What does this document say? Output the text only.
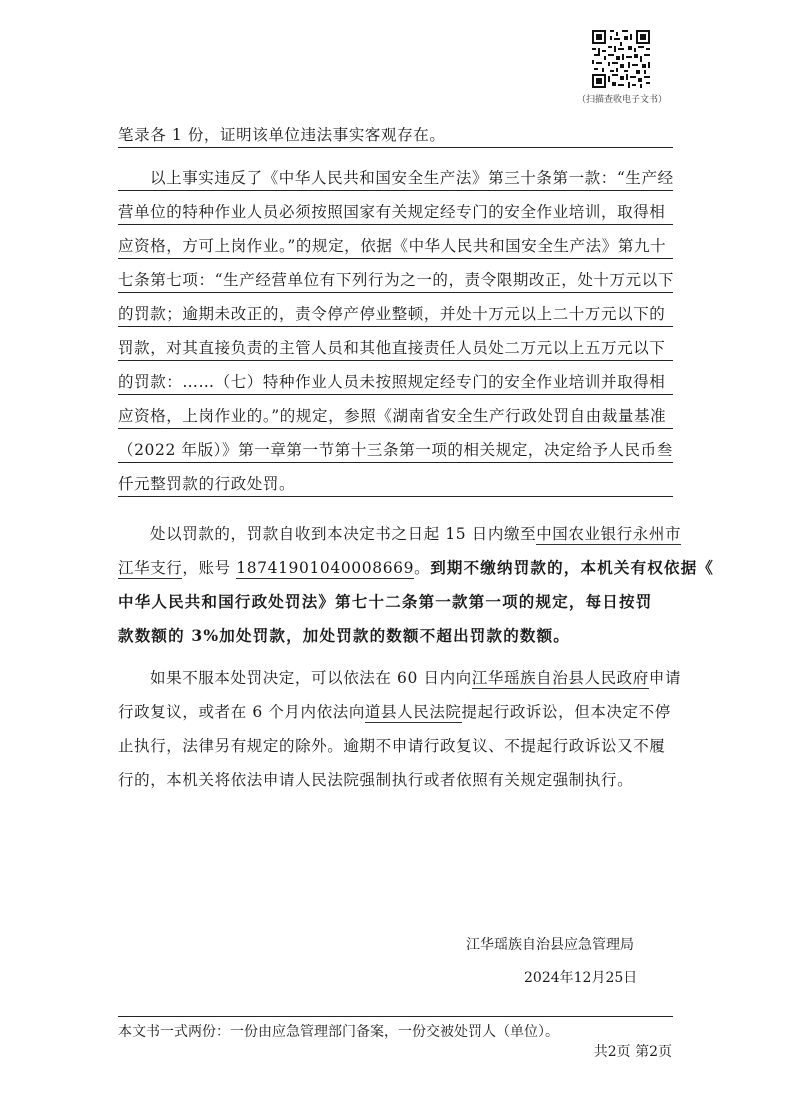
（扫描查收电子文书）
笔录各 1 份，证明该单位违法事实客观存在。
以上事实违反了《中华人民共和国安全生产法》第三十条第一款：“生产经
营单位的特种作业人员必须按照国家有关规定经专门的安全作业培训，取得相
应资格，方可上岗作业。”的规定，依据《中华人民共和国安全生产法》第九十
七条第七项：“生产经营单位有下列行为之一的，责令限期改正，处十万元以下
的罚款；逾期未改正的，责令停产停业整顿，并处十万元以上二十万元以下的
罚款，对其直接负责的主管人员和其他直接责任人员处二万元以上五万元以下
的罚款：……（七）特种作业人员未按照规定经专门的安全作业培训并取得相
应资格，上岗作业的。”的规定，参照《湖南省安全生产行政处罚自由裁量基准
（2022 年版）》第一章第一节第十三条第一项的相关规定，决定给予人民币叁
仟元整罚款的行政处罚。
处以罚款的，罚款自收到本决定书之日起 15 日内缴至中国农业银行永州市
江华支行，账号 18741901040008669。到期不缴纳罚款的，本机关有权依据《
中华人民共和国行政处罚法》第七十二条第一款第一项的规定，每日按罚
款数额的 3%加处罚款，加处罚款的数额不超出罚款的数额。
如果不服本处罚决定，可以依法在 60 日内向江华瑶族自治县人民政府申请
行政复议，或者在 6 个月内依法向道县人民法院提起行政诉讼，但本决定不停
止执行，法律另有规定的除外。逾期不申请行政复议、不提起行政诉讼又不履
行的，本机关将依法申请人民法院强制执行或者依照有关规定强制执行。
江华瑶族自治县应急管理局
2024年12月25日
本文书一式两份：一份由应急管理部门备案，一份交被处罚人（单位）。
共2页 第2页
